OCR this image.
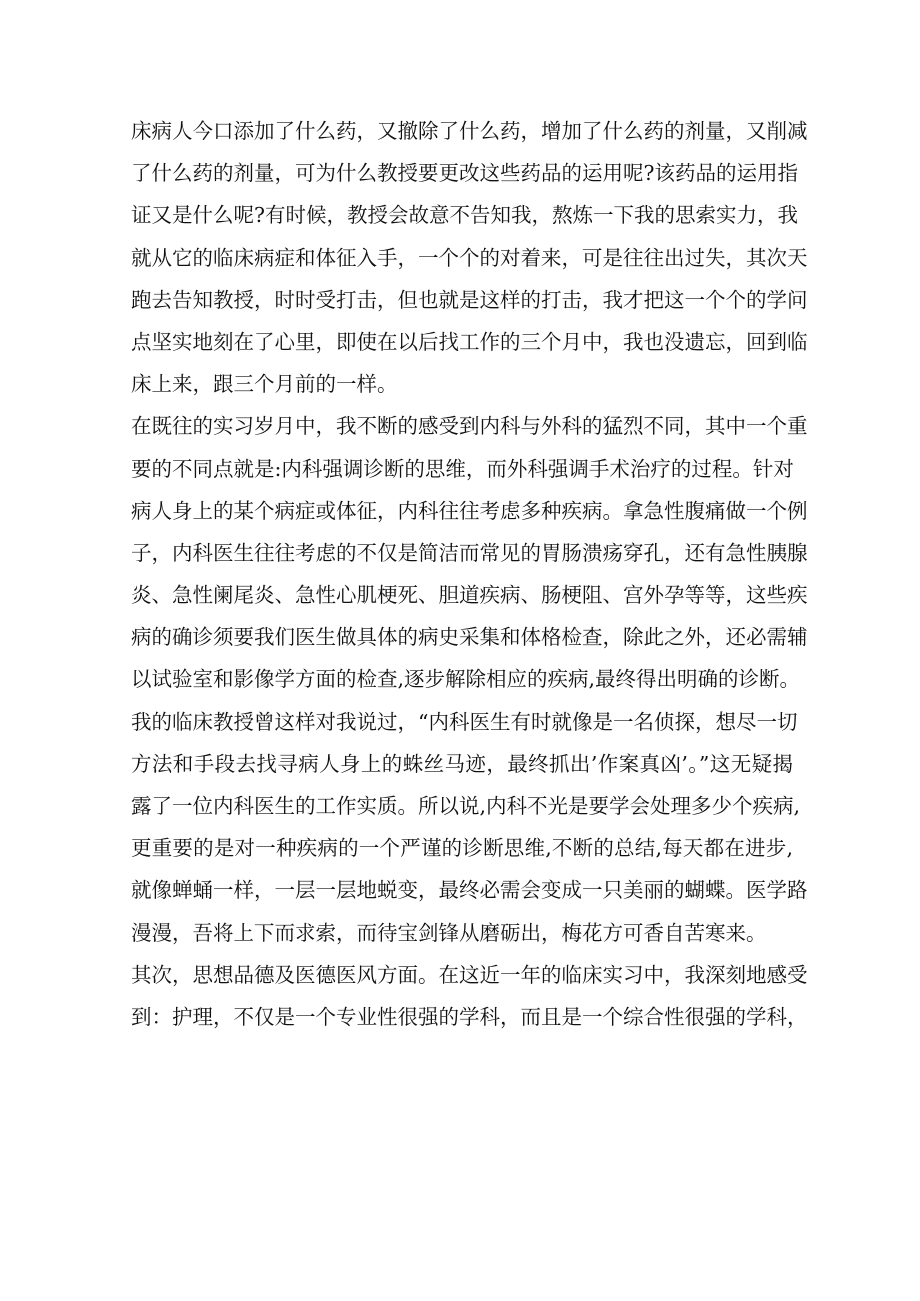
床病人今口添加了什么药，又撤除了什么药，增加了什么药的剂量，又削减
了什么药的剂量，可为什么教授要更改这些药品的运用呢?该药品的运用指
证又是什么呢?有时候，教授会故意不告知我，熬炼一下我的思索实力，我
就从它的临床病症和体征入手，一个个的对着来，可是往往出过失，其次天
跑去告知教授，时时受打击，但也就是这样的打击，我才把这一个个的学问
点坚实地刻在了心里，即使在以后找工作的三个月中，我也没遗忘，回到临
床上来，跟三个月前的一样。
在既往的实习岁月中，我不断的感受到内科与外科的猛烈不同，其中一个重
要的不同点就是:内科强调诊断的思维，而外科强调手术治疗的过程。针对
病人身上的某个病症或体征，内科往往考虑多种疾病。拿急性腹痛做一个例
子，内科医生往往考虑的不仅是简洁而常见的胃肠溃疡穿孔，还有急性胰腺
炎、急性阑尾炎、急性心肌梗死、胆道疾病、肠梗阻、宫外孕等等，这些疾
病的确诊须要我们医生做具体的病史采集和体格检查，除此之外，还必需辅
以试验室和影像学方面的检查,逐步解除相应的疾病,最终得出明确的诊断。
我的临床教授曾这样对我说过，“内科医生有时就像是一名侦探，想尽一切
方法和手段去找寻病人身上的蛛丝马迹，最终抓出’作案真凶’。”这无疑揭
露了一位内科医生的工作实质。所以说,内科不光是要学会处理多少个疾病,
更重要的是对一种疾病的一个严谨的诊断思维,不断的总结,每天都在进步,
就像蝉蛹一样，一层一层地蜕变，最终必需会变成一只美丽的蝴蝶。医学路
漫漫，吾将上下而求索，而待宝剑锋从磨砺出，梅花方可香自苦寒来。
其次，思想品德及医德医风方面。在这近一年的临床实习中，我深刻地感受
到：护理，不仅是一个专业性很强的学科，而且是一个综合性很强的学科，
